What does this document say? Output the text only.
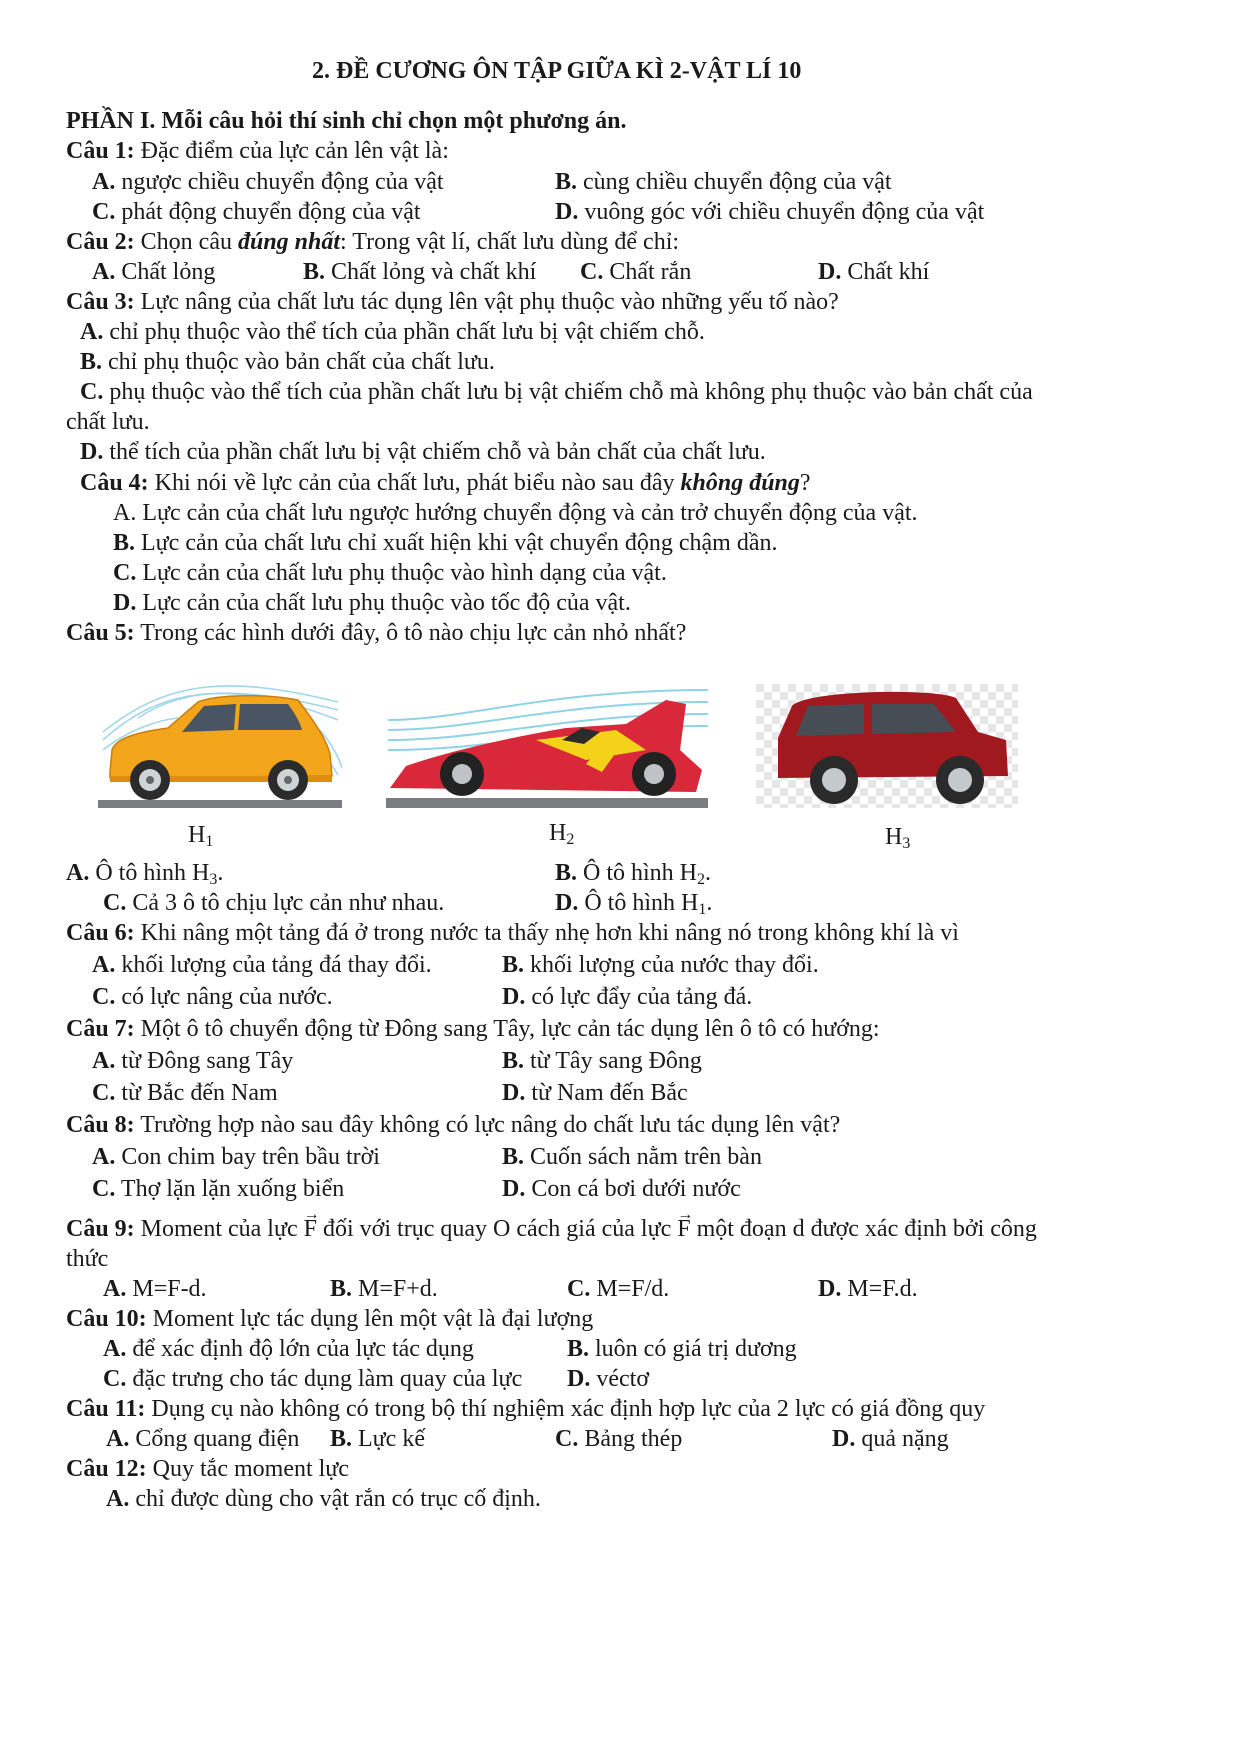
2. ĐỀ CƯƠNG ÔN TẬP GIỮA KÌ 2-VẬT LÍ 10
PHẦN I. Mỗi câu hỏi thí sinh chỉ chọn một phương án.
Câu 1: Đặc điểm của lực cản lên vật là:
A. ngược chiều chuyển động của vật	B. cùng chiều chuyển động của vật
C. phát động chuyển động của vật	D. vuông góc với chiều chuyển động của vật
Câu 2: Chọn câu đúng nhất: Trong vật lí, chất lưu dùng để chỉ:
A. Chất lỏng	B. Chất lỏng và chất khí C. Chất rắn	D. Chất khí
Câu 3: Lực nâng của chất lưu tác dụng lên vật phụ thuộc vào những yếu tố nào?
A. chỉ phụ thuộc vào thể tích của phần chất lưu bị vật chiếm chỗ.
B. chỉ phụ thuộc vào bản chất của chất lưu.
C. phụ thuộc vào thể tích của phần chất lưu bị vật chiếm chỗ mà không phụ thuộc vào bản chất của
chất lưu.
D. thể tích của phần chất lưu bị vật chiếm chỗ và bản chất của chất lưu.
Câu 4: Khi nói về lực cản của chất lưu, phát biểu nào sau đây không đúng?
A. Lực cản của chất lưu ngược hướng chuyển động và cản trở chuyển động của vật.
B. Lực cản của chất lưu chỉ xuất hiện khi vật chuyển động chậm dần.
C. Lực cản của chất lưu phụ thuộc vào hình dạng của vật.
D. Lực cản của chất lưu phụ thuộc vào tốc độ của vật.
Câu 5: Trong các hình dưới đây, ô tô nào chịu lực cản nhỏ nhất?
$H_1$	$H_2$	$H_3$
A. Ô tô hình $H_3$.	B. Ô tô hình $H_2$.
C. Cả 3 ô tô chịu lực cản như nhau.	D. Ô tô hình $H_1$.
Câu 6: Khi nâng một tảng đá ở trong nước ta thấy nhẹ hơn khi nâng nó trong không khí là vì
A. khối lượng của tảng đá thay đổi.	B. khối lượng của nước thay đổi.
C. có lực nâng của nước.	D. có lực đẩy của tảng đá.
Câu 7: Một ô tô chuyển động từ Đông sang Tây, lực cản tác dụng lên ô tô có hướng:
A. từ Đông sang Tây	B. từ Tây sang Đông
C. từ Bắc đến Nam	D. từ Nam đến Bắc
Câu 8: Trường hợp nào sau đây không có lực nâng do chất lưu tác dụng lên vật?
A. Con chim bay trên bầu trời	B. Cuốn sách nằm trên bàn
C. Thợ lặn lặn xuống biển	D. Con cá bơi dưới nước
Câu 9: Moment của lực → F đối với trục quay O cách giá của lực → F một đoạn d được xác định bởi công
thức
A. M=F-d.	B. M=F+d.	C. M=F/d.	D. M=F.d.
Câu 10: Moment lực tác dụng lên một vật là đại lượng
A. để xác định độ lớn của lực tác dụng	B. luôn có giá trị dương
C. đặc trưng cho tác dụng làm quay của lực D. véctơ
Câu 11: Dụng cụ nào không có trong bộ thí nghiệm xác định hợp lực của 2 lực có giá đồng quy
A. Cổng quang điện B. Lực kế	C. Bảng thép	D. quả nặng
Câu 12: Quy tắc moment lực
A. chỉ được dùng cho vật rắn có trục cố định.
